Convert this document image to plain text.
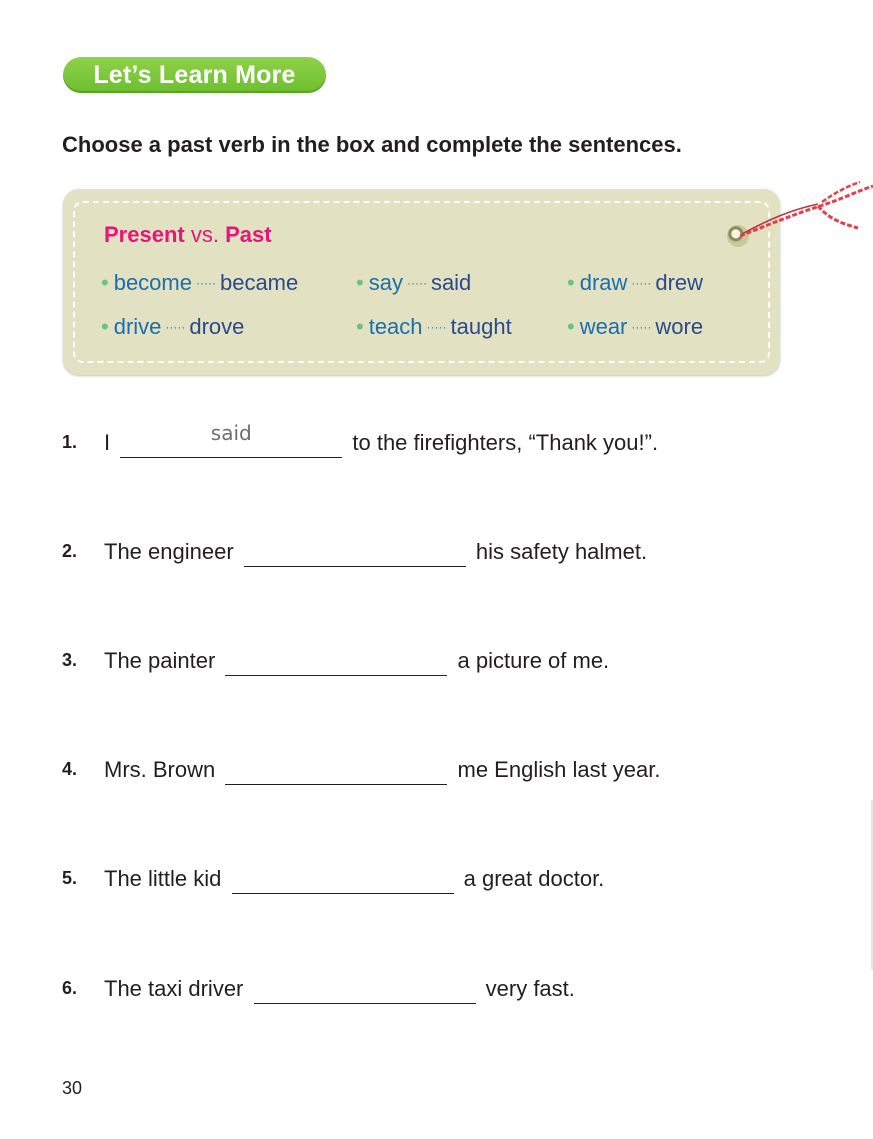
Let’s Learn More
Choose a past verb in the box and complete the sentences.
Present vs. Past
• become ····· became	• say ····· said	• draw ····· drew
• drive ····· drove	• teach ····· taught	• wear ····· wore
1. I	said	to the firefighters, “Thank you!”.
2. The engineer	his safety halmet.
3. The painter	a picture of me.
4. Mrs. Brown	me English last year.
5. The little kid	a great doctor.
6. The taxi driver	very fast.
30
